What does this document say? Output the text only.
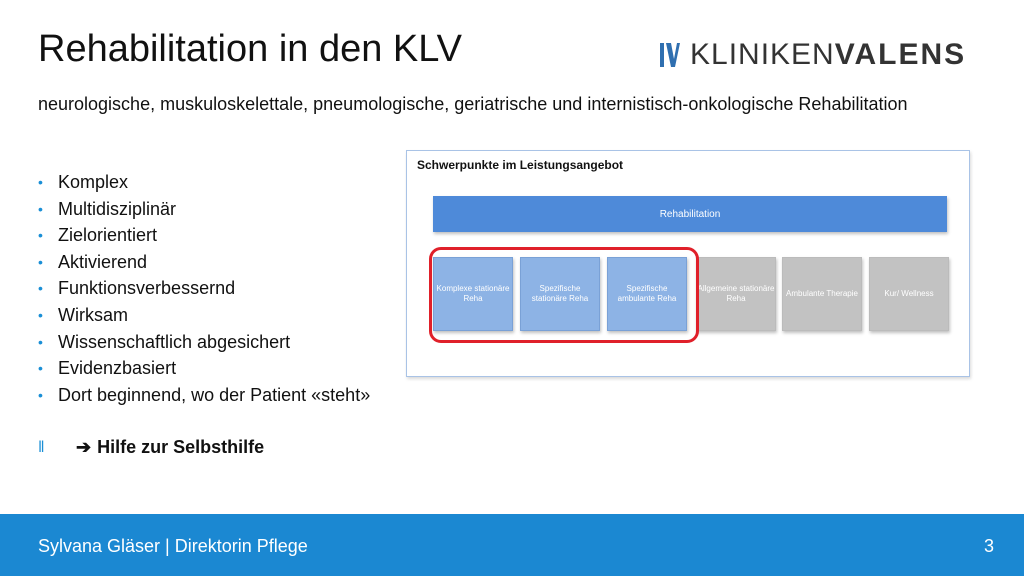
Rehabilitation in den KLV	KLINIKENVALENS
neurologische, muskuloskelettale, pneumologische, geriatrische und internistisch-onkologische Rehabilitation
• Komplex
• Multidisziplinär
• Zielorientiert
• Aktivierend
• Funktionsverbessernd
• Wirksam
• Wissenschaftlich abgesichert
• Evidenzbasiert
• Dort beginnend, wo der Patient «steht»
‖	➔ Hilfe zur Selbsthilfe
Schwerpunkte im Leistungsangebot
Rehabilitation
Komplexe stationäre Reha
Spezifische stationäre Reha
Spezifische ambulante Reha
Allgemeine stationäre Reha
Ambulante Therapie	Kur/ Wellness
Sylvana Gläser | Direktorin Pflege	3
